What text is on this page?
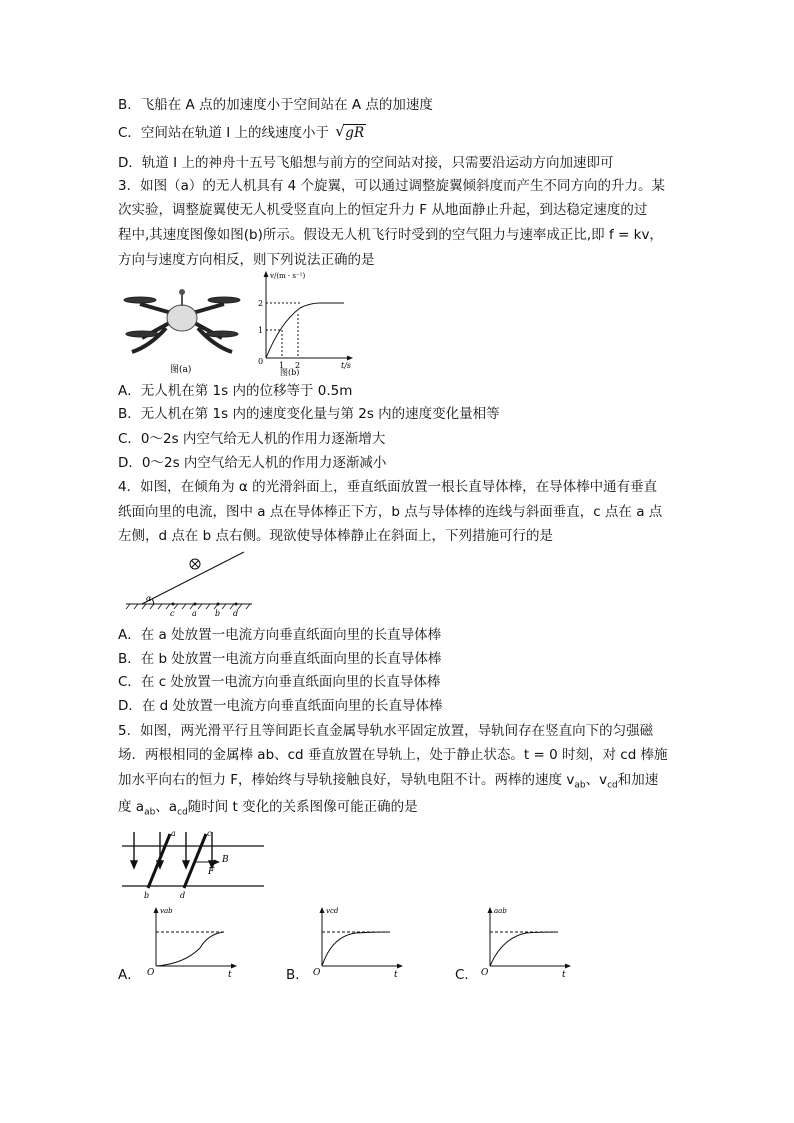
B．飞船在 A 点的加速度小于空间站在 A 点的加速度
C．空间站在轨道 I 上的线速度小于 √ gR
D．轨道 I 上的神舟十五号飞船想与前方的空间站对接，只需要沿运动方向加速即可
3．如图（a）的无人机具有 4 个旋翼，可以通过调整旋翼倾斜度而产生不同方向的升力。某
次实验，调整旋翼使无人机受竖直向上的恒定升力 F 从地面静止升起，到达稳定速度的过
程中,其速度图像如图(b)所示。假设无人机飞行时受到的空气阻力与速率成正比,即 f = kv，
方向与速度方向相反，则下列说法正确的是
图(a)
v/(m · s⁻¹)
t/s
0
1
2
1 2
图(b)
A．无人机在第 1s 内的位移等于 0.5m
B．无人机在第 1s 内的速度变化量与第 2s 内的速度变化量相等
C．0～2s 内空气给无人机的作用力逐渐增大
D．0～2s 内空气给无人机的作用力逐渐减小
4．如图，在倾角为 α 的光滑斜面上，垂直纸面放置一根长直导体棒，在导体棒中通有垂直
纸面向里的电流，图中 a 点在导体棒正下方，b 点与导体棒的连线与斜面垂直，c 点在 a 点
左侧，d 点在 b 点右侧。现欲使导体棒静止在斜面上，下列措施可行的是
α
c a b d
A．在 a 处放置一电流方向垂直纸面向里的长直导体棒
B．在 b 处放置一电流方向垂直纸面向里的长直导体棒
C．在 c 处放置一电流方向垂直纸面向里的长直导体棒
D．在 d 处放置一电流方向垂直纸面向里的长直导体棒
5．如图，两光滑平行且等间距长直金属导轨水平固定放置，导轨间存在竖直向下的匀强磁
场．两根相同的金属棒 ab、cd 垂直放置在导轨上，处于静止状态。t = 0 时刻，对 cd 棒施
加水平向右的恒力 F，棒始终与导轨接触良好，导轨电阻不计。两棒的速度 $v_{ab}$、$v_{cd}$和加速
度 $a_{ab}$、$a_{cd}$随时间 t 变化的关系图像可能正确的是
a	c
b	d
B
F
A．
vab
O	t	B．
vcd
O	t	C．
aab
O	t
